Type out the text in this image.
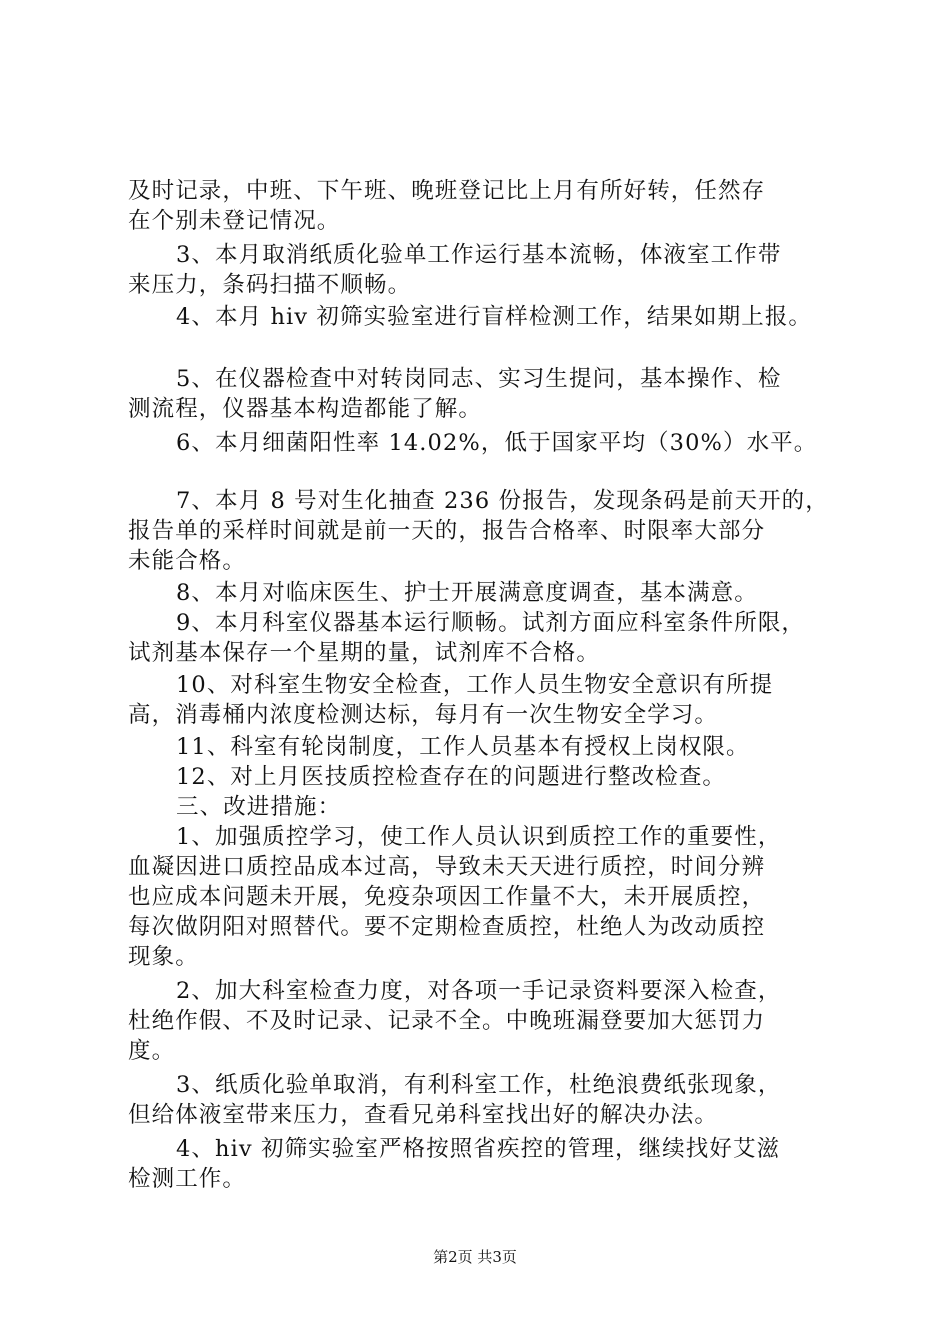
及时记录，中班、下午班、晚班登记比上月有所好转，任然存
在个别未登记情况。
3、本月取消纸质化验单工作运行基本流畅，体液室工作带
来压力，条码扫描不顺畅。
4、本月 hiv 初筛实验室进行盲样检测工作，结果如期上报。
5、在仪器检查中对转岗同志、实习生提问，基本操作、检
测流程，仪器基本构造都能了解。
6、本月细菌阳性率 14.02%，低于国家平均（30%）水平。
7、本月 8 号对生化抽查 236 份报告，发现条码是前天开的，
报告单的采样时间就是前一天的，报告合格率、时限率大部分
未能合格。
8、本月对临床医生、护士开展满意度调查，基本满意。
9、本月科室仪器基本运行顺畅。试剂方面应科室条件所限，
试剂基本保存一个星期的量，试剂库不合格。
10、对科室生物安全检查，工作人员生物安全意识有所提
高，消毒桶内浓度检测达标，每月有一次生物安全学习。
11、科室有轮岗制度，工作人员基本有授权上岗权限。
12、对上月医技质控检查存在的问题进行整改检查。
三、改进措施：
1、加强质控学习，使工作人员认识到质控工作的重要性，
血凝因进口质控品成本过高，导致未天天进行质控，时间分辨
也应成本问题未开展，免疫杂项因工作量不大，未开展质控，
每次做阴阳对照替代。要不定期检查质控，杜绝人为改动质控
现象。
2、加大科室检查力度，对各项一手记录资料要深入检查，
杜绝作假、不及时记录、记录不全。中晚班漏登要加大惩罚力
度。
3、纸质化验单取消，有利科室工作，杜绝浪费纸张现象，
但给体液室带来压力，查看兄弟科室找出好的解决办法。
4、hiv 初筛实验室严格按照省疾控的管理，继续找好艾滋
检测工作。
第2页 共3页
